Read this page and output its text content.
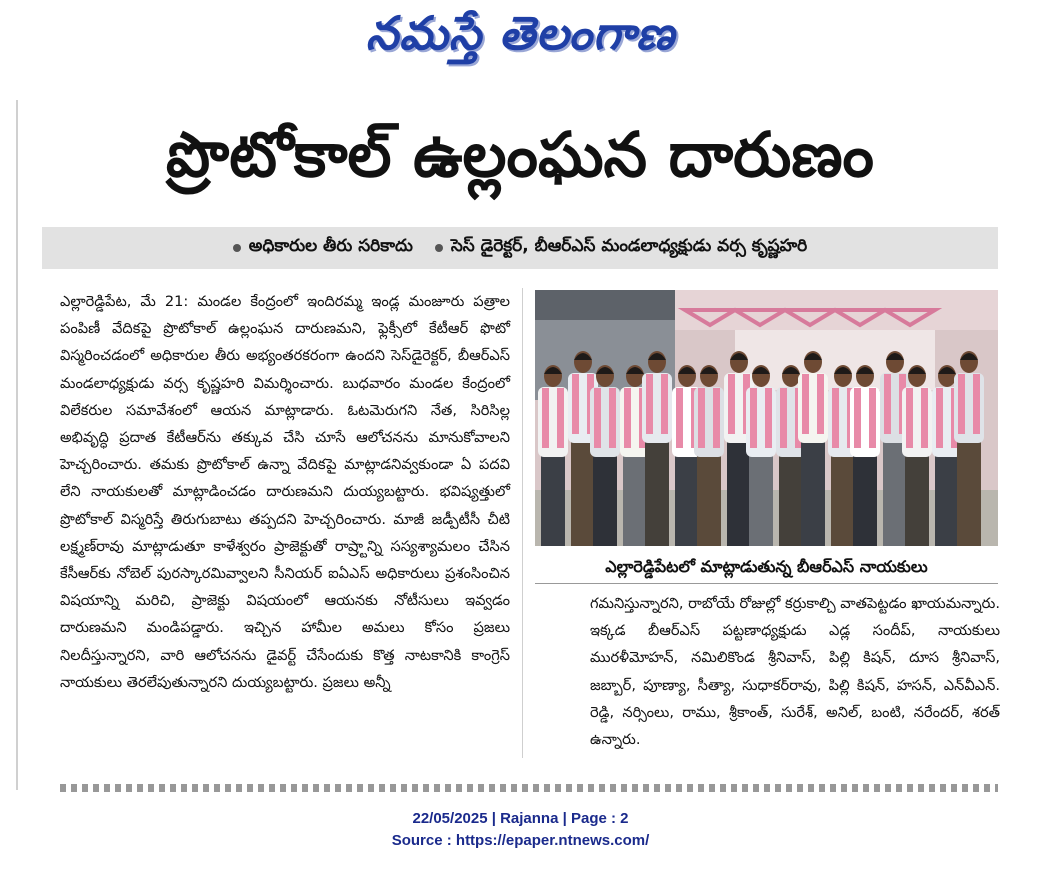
నమస్తే తెలంగాణ
ప్రొటోకాల్ ఉల్లంఘన దారుణం
అధికారుల తీరు సరికాదు సెస్ డైరెక్టర్, బీఆర్ఎస్ మండలాధ్యక్షుడు వర్స కృష్ణహరి

ఎల్లారెడ్డిపేట, మే 21: మండల కేంద్రంలో ఇందిరమ్మ ఇండ్ల మంజూరు పత్రాల పంపిణీ వేదికపై ప్రొటోకాల్ ఉల్లంఘన దారుణమని, ఫ్లెక్సీలో కేటీఆర్ ఫొటో విస్మరించడంలో అధికారుల తీరు అభ్యంతరకరంగా ఉందని సెస్‌డైరెక్టర్, బీఆర్ఎస్ మండలాధ్యక్షుడు వర్స కృష్ణహరి విమర్శించారు. బుధవారం మండల కేంద్రంలో విలేకరుల సమావేశంలో ఆయన మాట్లాడారు. ఓటమెరుగని నేత, సిరిసిల్ల అభివృద్ధి ప్రదాత కేటీఆర్‌ను తక్కువ చేసి చూసే ఆలోచనను మానుకోవాలని హెచ్చరించారు. తమకు ప్రొటోకాల్ ఉన్నా వేదికపై మాట్లాడనివ్వకుండా ఏ పదవి లేని నాయకులతో మాట్లాడించడం దారుణమని దుయ్యబట్టారు. భవిష్యత్తులో ప్రొటోకాల్ విస్మరిస్తే తిరుగుబాటు తప్పదని హెచ్చరించారు. మాజీ జడ్పీటీసీ చీటి లక్ష్మణ్‌రావు మాట్లాడుతూ కాళేశ్వరం ప్రాజెక్టుతో రాష్ర్టాన్ని సస్యశ్యామలం చేసిన కేసీఆర్‌కు నోబెల్ పురస్కారమివ్వాలని సీనియర్ ఐఏఎస్ అధికారులు ప్రశంసించిన విషయాన్ని మరిచి, ప్రాజెక్టు విషయంలో ఆయనకు నోటీసులు ఇవ్వడం దారుణమని మండిపడ్డారు. ఇచ్చిన హామీల అమలు కోసం ప్రజలు నిలదీస్తున్నారని, వారి ఆలోచనను డైవర్ట్ చేసేందుకు కొత్త నాటకానికి కాంగ్రెస్ నాయకులు తెరలేపుతున్నారని దుయ్యబట్టారు. ప్రజలు అన్నీ

ఎల్లారెడ్డిపేటలో మాట్లాడుతున్న బీఆర్ఎస్ నాయకులు

గమనిస్తున్నారని, రాబోయే రోజుల్లో కర్రుకాల్చి వాతపెట్టడం ఖాయమన్నారు. ఇక్కడ బీఆర్ఎస్ పట్టణాధ్యక్షుడు ఎడ్ల సందీప్, నాయకులు మురళీమోహన్, నమిలికొండ శ్రీనివాస్, పిల్లి కిషన్, దూస శ్రీనివాస్, జబ్బార్, పూణ్యా, సీత్యా, సుధాకర్‌రావు, పిల్లి కిషన్, హసన్, ఎన్‌వీఎన్. రెడ్డి, నర్సింలు, రాము, శ్రీకాంత్, సురేశ్, అనిల్, బంటి, నరేందర్, శరత్ ఉన్నారు.

22/05/2025 | Rajanna | Page : 2
Source : https://epaper.ntnews.com/
